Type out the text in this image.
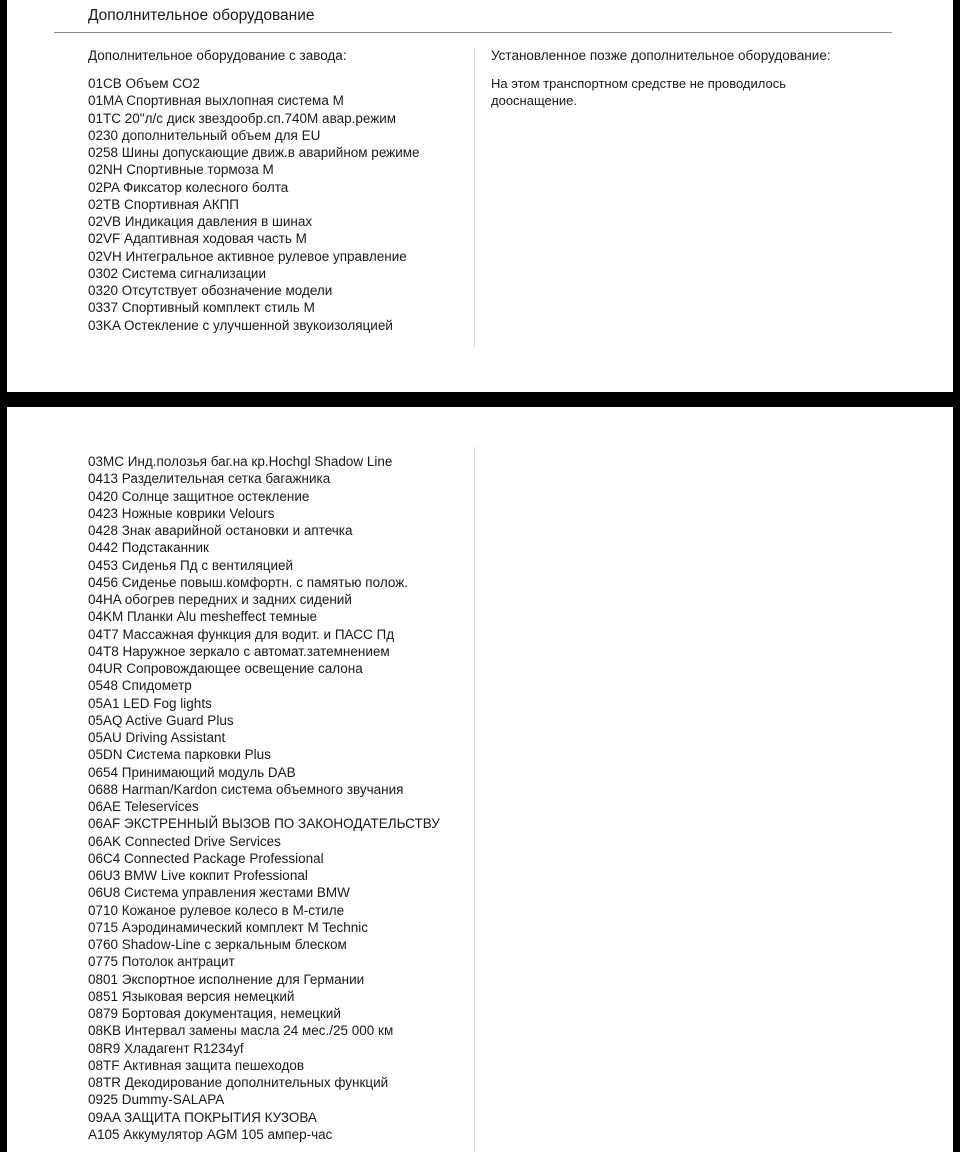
Дополнительное оборудование
Дополнительное оборудование с завода:	Установленное позже дополнительное оборудование:
01CB Объем CO2
01MA Спортивная выхлопная система M
01TC 20"л/с диск звездообр.сп.740M авар.режим
0230 дополнительный объем для EU
0258 Шины допускающие движ.в аварийном режиме
02NH Спортивные тормоза M
02PA Фиксатор колесного болта
02TB Спортивная АКПП
02VB Индикация давления в шинах
02VF Адаптивная ходовая часть M
02VH Интегральное активное рулевое управление
0302 Система сигнализации
0320 Отсутствует обозначение модели
0337 Спортивный комплект стиль M
03KA Остекление с улучшенной звукоизоляцией
На этом транспортном средстве не проводилось дооснащение.
03MC Инд.полозья баг.на кр.Hochgl Shadow Line
0413 Разделительная сетка багажника
0420 Солнце защитное остекление
0423 Ножные коврики Velours
0428 Знак аварийной остановки и аптечка
0442 Подстаканник
0453 Сиденья Пд с вентиляцией
0456 Сиденье повыш.комфортн. с памятью полож.
04HA обогрев передних и задних сидений
04KM Планки Alu mesheffect темные
04T7 Массажная функция для водит. и ПАСС Пд
04T8 Наружное зеркало с автомат.затемнением
04UR Сопровождающее освещение салона
0548 Спидометр
05A1 LED Fog lights
05AQ Active Guard Plus
05AU Driving Assistant
05DN Система парковки Plus
0654 Принимающий модуль DAB
0688 Harman/Kardon система объемного звучания
06AE Teleservices
06AF ЭКСТРЕННЫЙ ВЫЗОВ ПО ЗАКОНОДАТЕЛЬСТВУ
06AK Connected Drive Services
06C4 Connected Package Professional
06U3 BMW Live кокпит Professional
06U8 Система управления жестами BMW
0710 Кожаное рулевое колесо в M-стиле
0715 Аэродинамический комплект M Technic
0760 Shadow-Line с зеркальным блеском
0775 Потолок антрацит
0801 Экспортное исполнение для Германии
0851 Языковая версия немецкий
0879 Бортовая документация, немецкий
08KB Интервал замены масла 24 мес./25 000 км
08R9 Хладагент R1234yf
08TF Активная защита пешеходов
08TR Декодирование дополнительных функций
0925 Dummy-SALAPA
09AA ЗАЩИТА ПОКРЫТИЯ КУЗОВА
A105 Аккумулятор AGM 105 ампер-час
